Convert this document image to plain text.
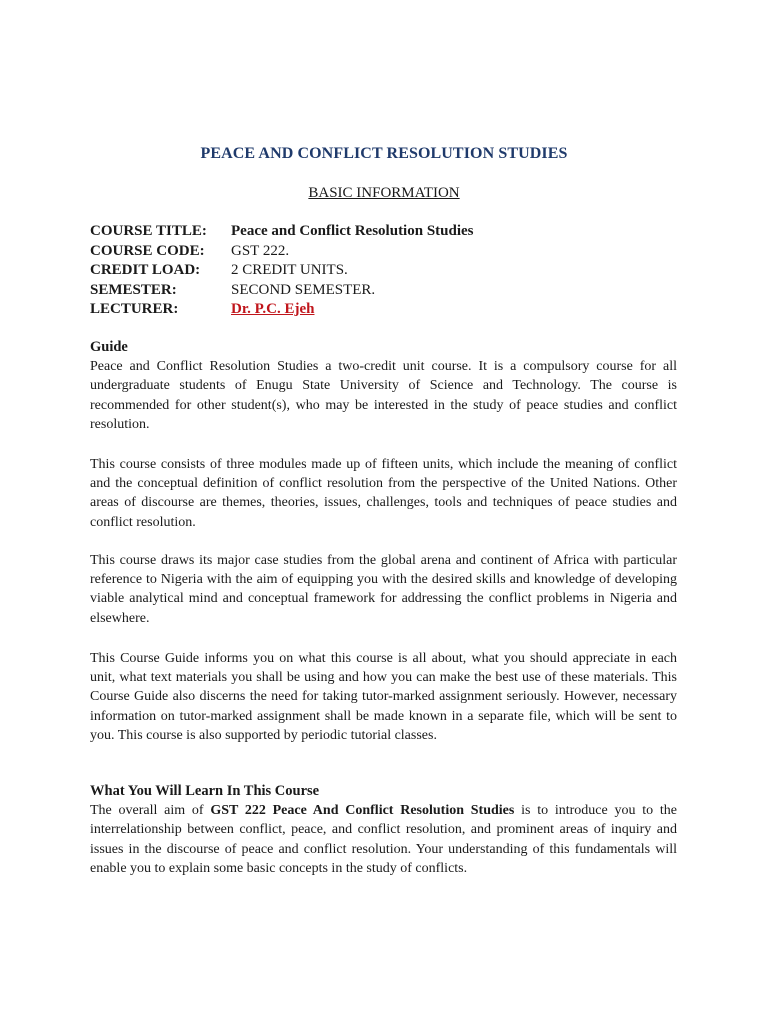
PEACE AND CONFLICT RESOLUTION STUDIES
BASIC INFORMATION
COURSE TITLE: Peace and Conflict Resolution Studies
COURSE CODE: GST 222.
CREDIT LOAD: 2 CREDIT UNITS.
SEMESTER:	SECOND SEMESTER.
LECTURER:	Dr. P.C. Ejeh
Guide
Peace and Conflict Resolution Studies a two-credit unit course. It is a compulsory course for all undergraduate students of Enugu State University of Science and Technology. The course is recommended for other student(s), who may be interested in the study of peace studies and conflict resolution.
This course consists of three modules made up of fifteen units, which include the meaning of conflict and the conceptual definition of conflict resolution from the perspective of the United Nations. Other areas of discourse are themes, theories, issues, challenges, tools and techniques of peace studies and conflict resolution.
This course draws its major case studies from the global arena and continent of Africa with particular reference to Nigeria with the aim of equipping you with the desired skills and knowledge of developing viable analytical mind and conceptual framework for addressing the conflict problems in Nigeria and elsewhere.
This Course Guide informs you on what this course is all about, what you should appreciate in each unit, what text materials you shall be using and how you can make the best use of these materials. This Course Guide also discerns the need for taking tutor-marked assignment seriously. However, necessary information on tutor-marked assignment shall be made known in a separate file, which will be sent to you. This course is also supported by periodic tutorial classes.
What You Will Learn In This Course
The overall aim of GST 222 Peace And Conflict Resolution Studies is to introduce you to the interrelationship between conflict, peace, and conflict resolution, and prominent areas of inquiry and issues in the discourse of peace and conflict resolution. Your understanding of this fundamentals will enable you to explain some basic concepts in the study of conflicts.
